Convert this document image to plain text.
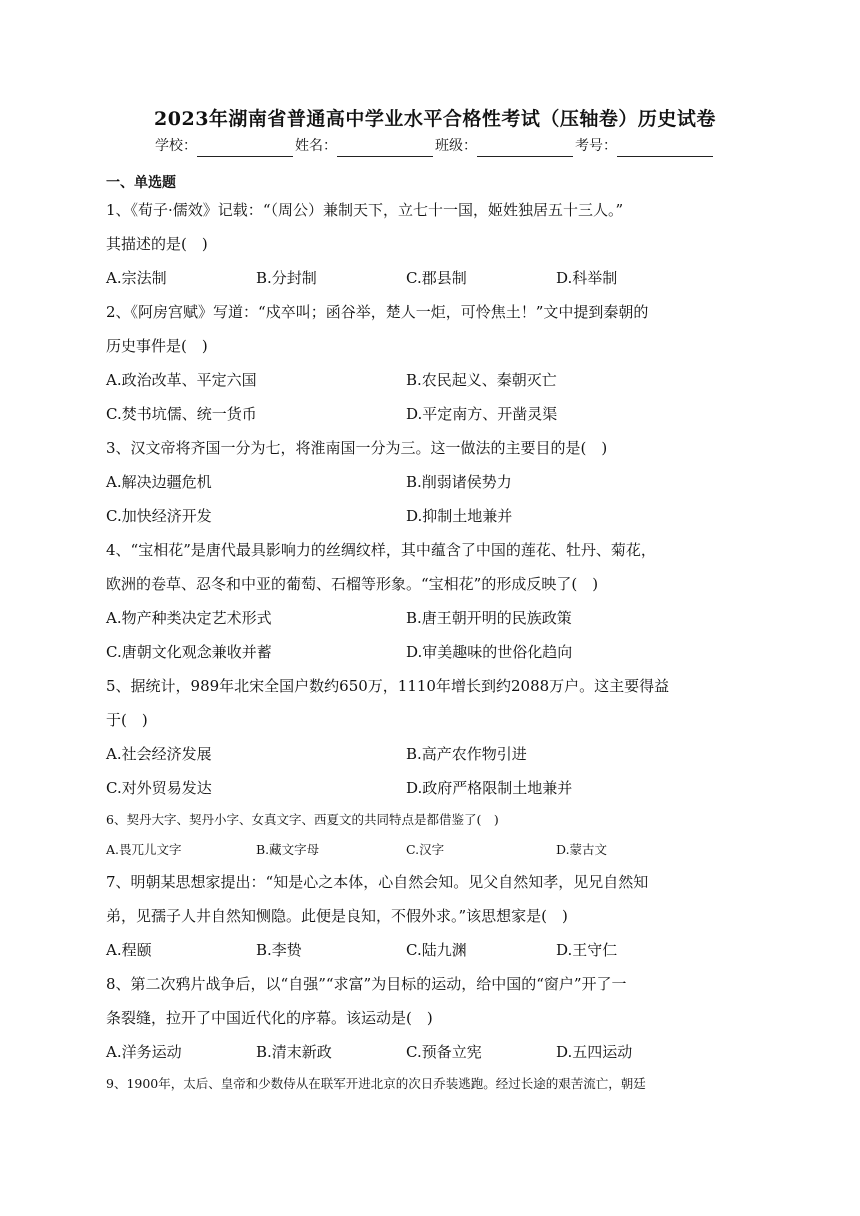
2023年湖南省普通高中学业水平合格性考试（压轴卷）历史试卷
学校：	姓名：	班级：	考号：
一、单选题
1、《荀子·儒效》记载：“（周公）兼制天下，立七十一国，姬姓独居五十三人。”
其描述的是(　)
A.宗法制	B.分封制	C.郡县制	D.科举制
2、《阿房宫赋》写道：“戍卒叫；函谷举，楚人一炬，可怜焦土！”文中提到秦朝的
历史事件是(　)
A.政治改革、平定六国	B.农民起义、秦朝灭亡
C.焚书坑儒、统一货币	D.平定南方、开凿灵渠
3、汉文帝将齐国一分为七，将淮南国一分为三。这一做法的主要目的是(　)
A.解决边疆危机	B.削弱诸侯势力
C.加快经济开发	D.抑制土地兼并
4、“宝相花”是唐代最具影响力的丝绸纹样，其中蕴含了中国的莲花、牡丹、菊花，
欧洲的卷草、忍冬和中亚的葡萄、石榴等形象。“宝相花”的形成反映了(　)
A.物产种类决定艺术形式	B.唐王朝开明的民族政策
C.唐朝文化观念兼收并蓄	D.审美趣味的世俗化趋向
5、据统计，989年北宋全国户数约650万，1110年增长到约2088万户。这主要得益
于(　)
A.社会经济发展	B.高产农作物引进
C.对外贸易发达	D.政府严格限制土地兼并
6、契丹大字、契丹小字、女真文字、西夏文的共同特点是都借鉴了(　)
A.畏兀儿文字	B.藏文字母	C.汉字	D.蒙古文
7、明朝某思想家提出：“知是心之本体，心自然会知。见父自然知孝，见兄自然知
弟，见孺子人井自然知恻隐。此便是良知，不假外求。”该思想家是(　)
A.程颐	B.李贽	C.陆九渊	D.王守仁
8、第二次鸦片战争后，以“自强”“求富”为目标的运动，给中国的“窗户”开了一
条裂缝，拉开了中国近代化的序幕。该运动是(　)
A.洋务运动	B.清末新政	C.预备立宪	D.五四运动
9、1900年，太后、皇帝和少数侍从在联军开进北京的次日乔装逃跑。经过长途的艰苦流亡，朝廷
